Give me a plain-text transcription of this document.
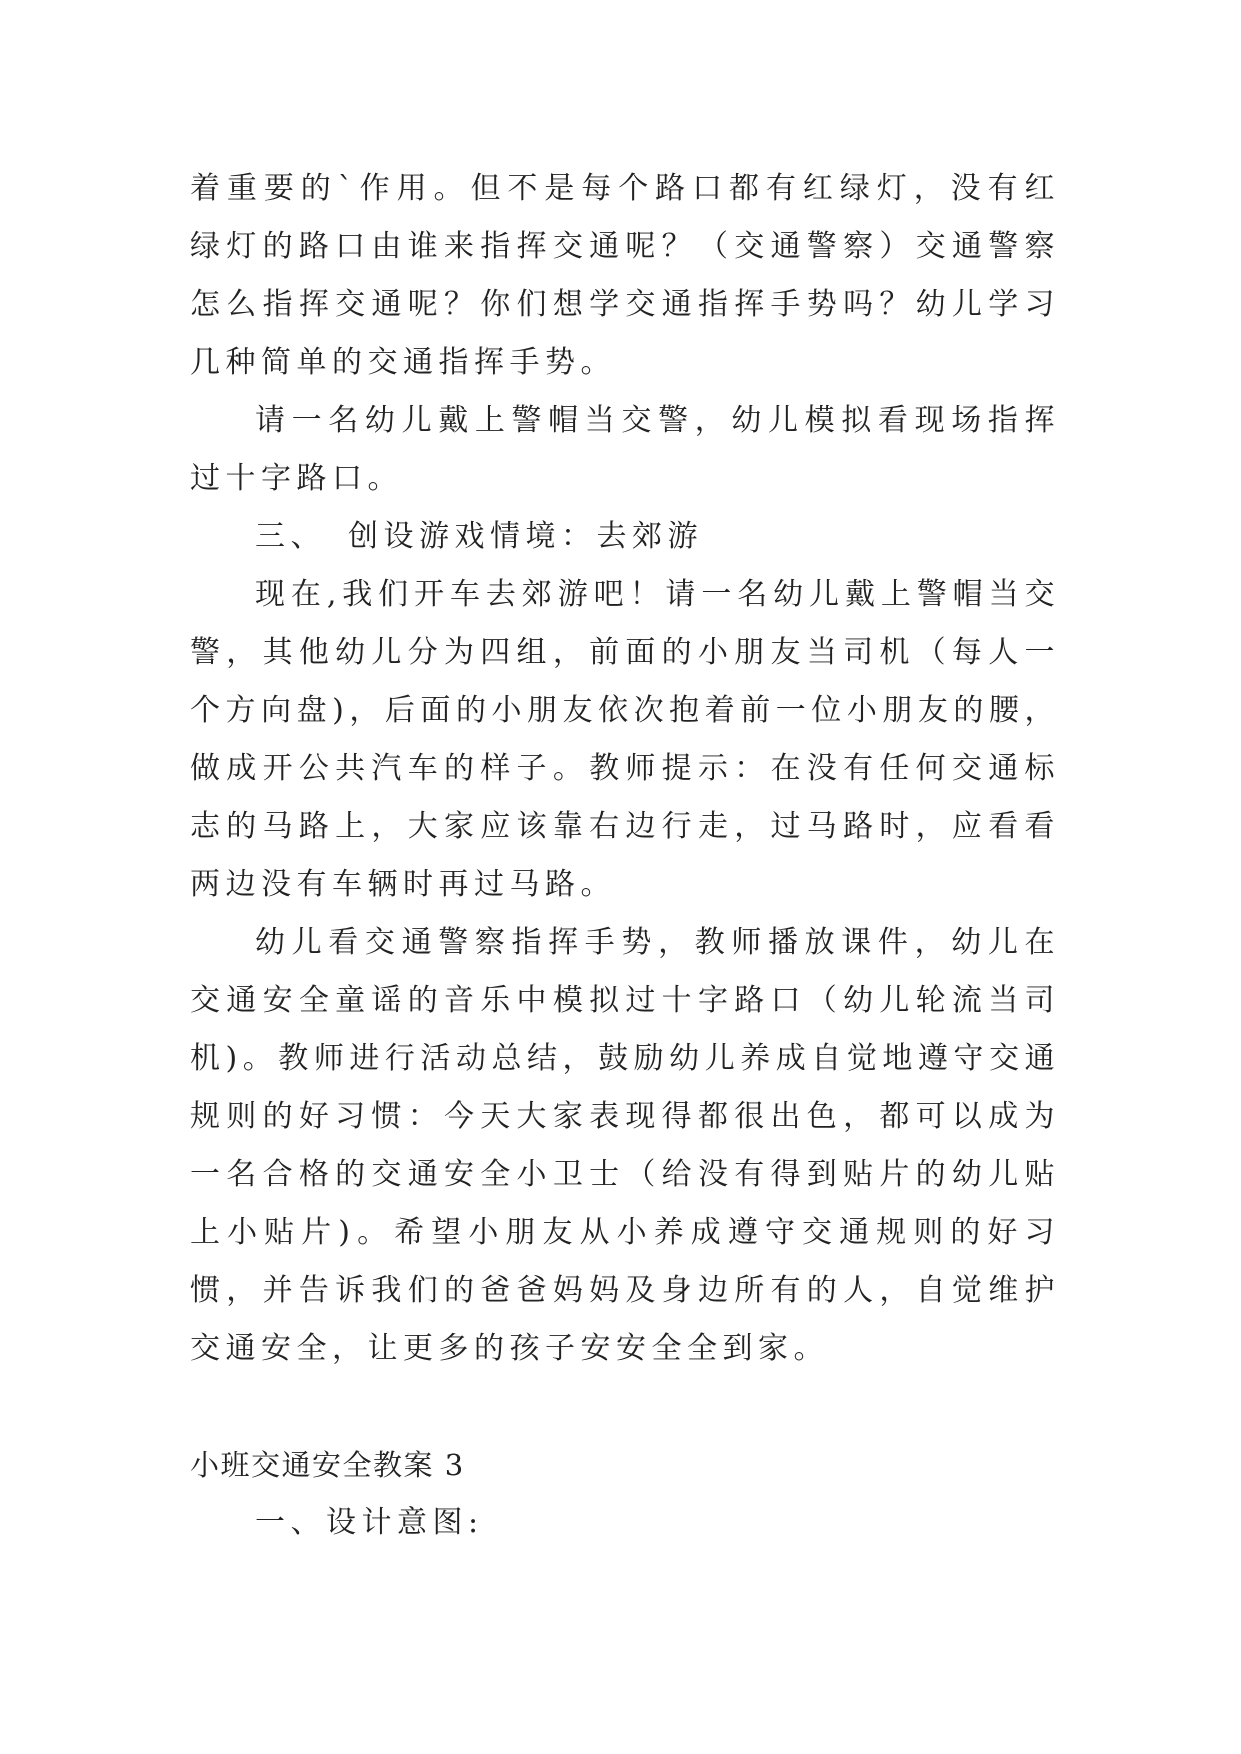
着重要的`作用。但不是每个路口都有红绿灯，没有红绿灯的路口由谁来指挥交通呢？（交通警察）交通警察怎么指挥交通呢？你们想学交通指挥手势吗？幼儿学习几种简单的交通指挥手势。

请一名幼儿戴上警帽当交警，幼儿模拟看现场指挥过十字路口。

三、 创设游戏情境：去郊游

现在,我们开车去郊游吧！请一名幼儿戴上警帽当交警，其他幼儿分为四组，前面的小朋友当司机（每人一个方向盘)，后面的小朋友依次抱着前一位小朋友的腰，做成开公共汽车的样子。教师提示：在没有任何交通标志的马路上，大家应该靠右边行走，过马路时，应看看两边没有车辆时再过马路。

幼儿看交通警察指挥手势，教师播放课件，幼儿在交通安全童谣的音乐中模拟过十字路口（幼儿轮流当司机)。教师进行活动总结，鼓励幼儿养成自觉地遵守交通规则的好习惯：今天大家表现得都很出色，都可以成为一名合格的交通安全小卫士（给没有得到贴片的幼儿贴上小贴片)。希望小朋友从小养成遵守交通规则的好习惯，并告诉我们的爸爸妈妈及身边所有的人，自觉维护交通安全，让更多的孩子安安全全到家。

小班交通安全教案 3

一、设计意图:
